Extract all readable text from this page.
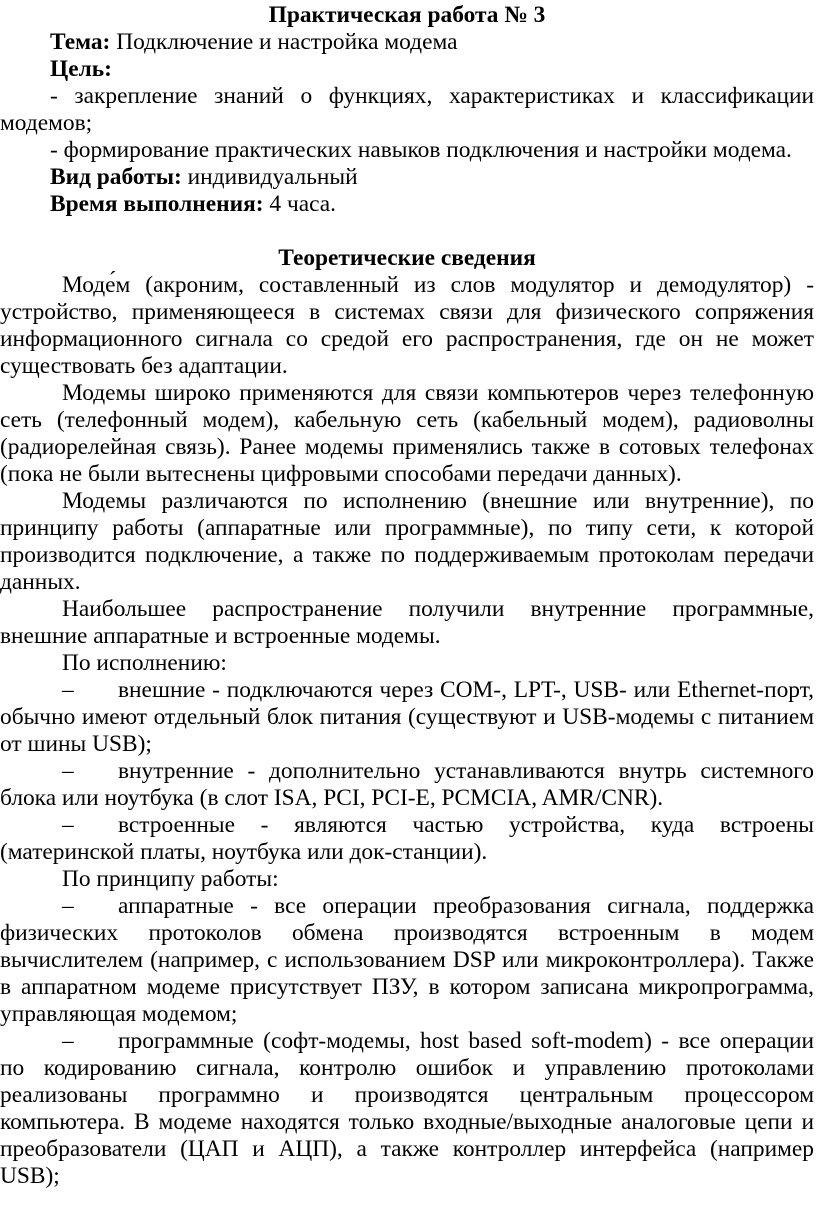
Практическая работа № 3

Тема: Подключение и настройка модема

Цель:

- закрепление знаний о функциях, характеристиках и классификации модемов;

- формирование практических навыков подключения и настройки модема.

Вид работы: индивидуальный

Время выполнения: 4 часа.

Теоретические сведения

Моде́м (акроним, составленный из слов модулятор и демодулятор) - устройство, применяющееся в системах связи для физического сопряжения информационного сигнала со средой его распространения, где он не может существовать без адаптации.

Модемы широко применяются для связи компьютеров через телефонную сеть (телефонный модем), кабельную сеть (кабельный модем), радиоволны (радиорелейная связь). Ранее модемы применялись также в сотовых телефонах (пока не были вытеснены цифровыми способами передачи данных).

Модемы различаются по исполнению (внешние или внутренние), по принципу работы (аппаратные или программные), по типу сети, к которой производится подключение, а также по поддерживаемым протоколам передачи данных.

Наибольшее распространение получили внутренние программные, внешние аппаратные и встроенные модемы.

По исполнению:

– внешние - подключаются через COM-, LPT-, USB- или Ethernet-порт, обычно имеют отдельный блок питания (существуют и USB-модемы с питанием от шины USB);

– внутренние - дополнительно устанавливаются внутрь системного блока или ноутбука (в слот ISA, PCI, PCI-E, PCMCIA, AMR/CNR).

– встроенные - являются частью устройства, куда встроены (материнской платы, ноутбука или док-станции).

По принципу работы:

– аппаратные - все операции преобразования сигнала, поддержка физических протоколов обмена производятся встроенным в модем вычислителем (например, с использованием DSP или микроконтроллера). Также в аппаратном модеме присутствует ПЗУ, в котором записана микропрограмма, управляющая модемом;

– программные (софт-модемы, host based soft-modem) - все операции по кодированию сигнала, контролю ошибок и управлению протоколами реализованы программно и производятся центральным процессором компьютера. В модеме находятся только входные/выходные аналоговые цепи и преобразователи (ЦАП и АЦП), а также контроллер интерфейса (например USB);
